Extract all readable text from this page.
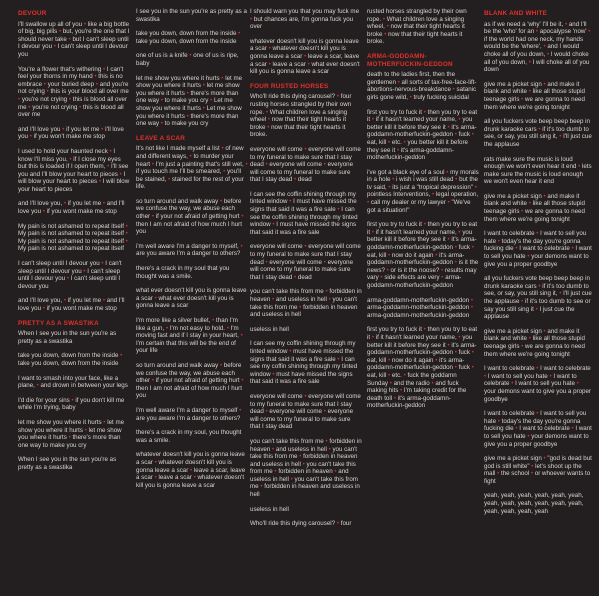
DEVOUR
I'll swallow up all of you • like a big bottle of big, big pills • but, you're the one that I should never take • but I can't sleep until I devour you • I can't sleep until I devour you
You're a flower that's withering • I can't feel your thorns in my hand • this is no embrace • your buried deep • and you're not crying • this is your blood all over me • you're not crying • this is blood all over me • you're not crying • this is blood all over me
and I'll love you • if you let me • I'll love you • if you won't make me stop
I used to hold your haunted neck • I know I'll miss you, • if I close my eyes but this is loaded if I open them, • I'll see you and I'll blow your heart to pieces • I will blow your heart to pieces • I will blow your heart to pieces
and I'll love you, • if you let me • and I'll love you • if you wont make me stop
My pain is not ashamed to repeat itself • My pain is not ashamed to repeat itself • My pain is not ashamed to repeat itself • My pain is not ashamed to repeat itself
I can't sleep until I devour you • I can't sleep until I devour you • I can't sleep until I devour you • I can't sleep until I devour you
and I'll love you, • if you let me • and I'll love you • if you wont make me stop
PRETTY AS A SWASTIKA
When I see you in the sun you're as pretty as a swastika
take you down, down from the inside • take you down, down from the inside
I want to smash into your face, like a plane, • and drown in between your legs
I'd die for your sins • if you don't kill me while I'm trying, baby
let me show you where it hurts • let me show you where it hurts • let me show you where it hurts • there's more than one way to make you cry
When I see you in the sun you're as pretty as a swastika
I see you in the sun you're as pretty as a swastika
take you down, down from the inside • take you down, down from the inside
one of us is a knife • one of us is ripe, baby
let me show you where it hurts • let me show you where it hurts • let me show you where it hurts • there's more than one way • to make you cry • Let me show you where it hurts • Let me show you where it hurts • there's more than one way • to make you cry
LEAVE A SCAR
It's not like I made myself a list • of new and different ways, • to murder your heart • I'm just a painting that's still wet, • if you touch me I'll be smeared, • you'll be stained, • stained for the rest of your life.
so turn around and walk away • before we confuse the way, we abuse each other • if your not afraid of getting hurt • then I am not afraid of how much I hurt you
i'm well aware I'm a danger to myself, • are you aware I'm a danger to others?
there's a crack in my soul that you thought was a smile.
what ever doesn't kill you is gonna leave a scar • what ever doesn't kill you is gonna leave a scar
I'm more like a silver bullet, • than I'm like a gun, • I'm not easy to hold. • I'm moving fast and if I stay in your heart, • I'm certain that this will be the end of your life
so turn around and walk away • before we confuse the way, we abuse each other • if your not afraid of getting hurt • then I am not afraid of how much I hurt you
I'm well aware I'm a danger to myself • are you aware I'm a danger to others?
there's a crack in my soul, you thought was a smile.
whatever doesn't kill you is gonna leave a scar • whatever doesn't kill you is gonna leave a scar • leave a scar, leave a scar • leave a scar • whatever doesn't kill you is gonna leave a scar
I should warn you that you may fuck me • but chances are, I'm gonna fuck you over
whatever doesn't kill you is gonna leave a scar • whatever doesn't kill you is gonna leave a scar • leave a scar, leave a scar • leave a scar • what ever doesn't kill you is gonna leave a scar
FOUR RUSTED HORSES
Who'll ride this dying carousel? • four rusting horses strangled by their own rope. • What children love a singing wheel • now that their tight hearts it broke • now that their tight hearts it broke.
everyone will come • everyone will come to my funeral to make sure that I stay dead • everyone will come • everyone will come to my funeral to make sure that I stay dead • dead
I can see the coffin shining through my tinted window • I must have missed the signs that said it was a fire sale • I can see the coffin shining through my tinted window • I must have missed the signs that said it was a fire sale
everyone will come • everyone will come to my funeral to make sure that I stay dead • everyone will come • everyone will come to my funeral to make sure that I stay dead • dead
you can't take this from me • forbidden in heaven • and useless in hell • you can't take this from me • forbidden in heaven and useless in hell
useless in hell
I can see my coffin shining through my tinted window • must have missed the signs that said it was a fire sale • I can see my coffin shining through my tinted window • must have missed the signs that said it was a fire sale
everyone will come • everyone will come to my funeral to make sure that I stay dead • everyone will come • everyone will come to my funeral to make sure that I stay dead
you can't take this from me • forbidden in heaven • and useless in hell • you can't take this from me • forbidden in heaven and useless in hell • you can't take this from me • forbidden in heaven • and useless in hell • you can't take this from me • forbidden in heaven and useless in hell
useless in hell
Who'll ride this dying carousel? • four
rusted horses strangled by their own rope. • What children love a singing wheel, • now that their tight hearts it broke • now that their tight hearts it broke.
ARMA-GODDAMN-MOTHERFUCKIN-GEDDON
death to the ladies first, then the gentlemen • all sorts of tax-free-face-lift-abortions-nervous-breakdance • satanic girls gone wild, • truly fucking suicidal
first you try to fuck it • then you try to eat it • if it hasn't learned your name, • you better kill it before they see it • it's arma-goddamn-motherfuckin-geddon • fuck • eat, kill • etc. • you better kill it before they see it • it's arma-goddamn-motherfuckin-geddon
i've got a black eye of a soul • my morals in a hole • i wish i was still dead • but the tv said, • its just a "tropical depression" • pointless Interventions, • legal operation, • call my dealer or my lawyer • "We've got a situation!"
first you try to fuck it • then you try to eat it • if it hasn't learned your name, • you better kill it before they see it • it's arma-goddamn-motherfuckin-geddon • fuck • eat, kill • now do it again • it's arma-goddamn-motherfuckin-geddon • is it the news? • or is it the noose? • results may vary • side effects are very • arma-goddamn-motherfuckin-geddon
arma-goddamn-motherfuckin-geddon • arma-goddamn-motherfuckin-geddon • arma-goddamn-motherfuckin-geddon
first you try to fuck it • then you try to eat it • if it hasn't learned your name, • you better kill it before they see it • it's arma-goddamn-motherfuckin-geddon • fuck • eat, kill • now do it again • it's arma-goddamn-motherfuckin-geddon • fuck • eat, kill • etc. • fuck the goddamn Sunday • and the radio • and fuck making hits • I'm taking credit for the death toll • it's arma-goddamn-motherfuckin-geddon
BLANK AND WHITE
as if we need a 'why' I'll be it, • and I'll be the 'who' for an • apocalypse 'now' • if the world had one neck, my hands would be the 'where', • and I would choke all of you down, • I would choke all of you down, • I will choke all of you down
give me a picket sign • and make it blank and white • like all those stupid teenage girls • we are gonna to need them where we're going tonight
all you fuckers vote beep beep beep in drunk karaoke cars • if it's too dumb to see, or say, you still sing it, • I'll just cue the applause
rats make sure the music is loud enough we won't even hear it end • lets make sure the music is loud enough we won't even hear it end
give me a picket sign • and make it blank and white • like all those stupid teenage girls • we are gonna to need them where we're going tonight
I want to celebrate • I want to sell you hate • today's the day you're gonna fucking die • I want to celebrate • I want to sell you hate • your demons want to give you a proper goodbye
all you fuckers vote beep beep beep in drunk karaoke cars • if it's too dumb to see, or say, you still sing it, • I'll just cue the applause • if it's too dumb to see or say you still sing it • I just cue the applause
give me a picket sign • and make it blank and white • like all those stupid teenage girls • we are gonna to need them where we're going tonight
I want to celebrate • I want to celebrate • I want to sell you hate • I want to celebrate • I want to sell you hate • your demons want to give you a proper goodbye
I want to celebrate • I want to sell you hate • today's the day you're gonna fucking die • I want to celebrate • I want to sell you hate • your demons want to give you a proper goodbye
give me a picket sign • "god is dead but god is still white" • let's shoot up the mall • the school • or whoever wants to fight
yeah, yeah, yeah, yeah, yeah, yeah, yeah, yeah, yeah, yeah, yeah, yeah, yeah, yeah, yeah, yeah
